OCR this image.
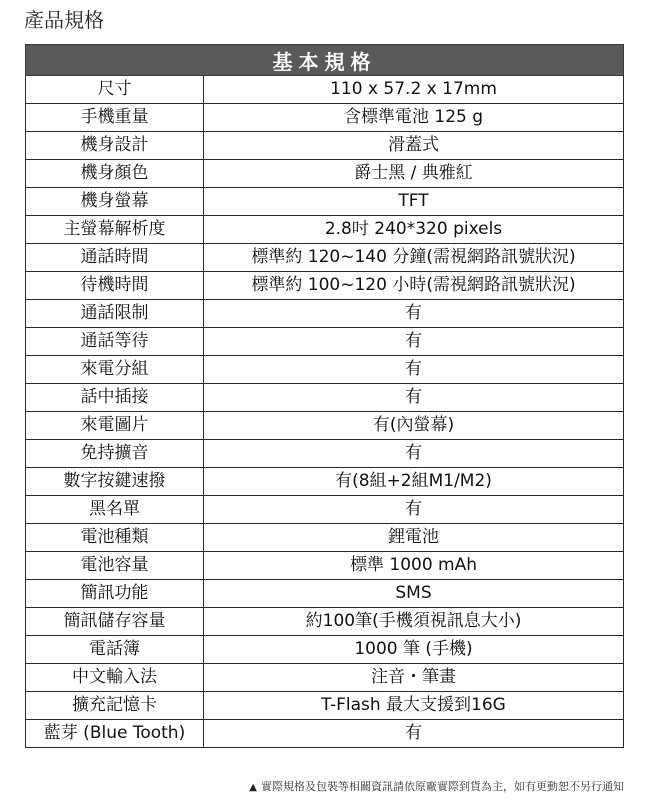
產品規格
基本規格	
尺寸	110 x 57.2 x 17mm
手機重量	含標準電池 125 g
機身設計	滑蓋式
機身顏色	爵士黑 / 典雅紅
機身螢幕	TFT
主螢幕解析度	2.8吋 240*320 pixels
通話時間	標準約 120~140 分鐘(需視網路訊號狀況)
待機時間	標準約 100~120 小時(需視網路訊號狀況)
通話限制	有
通話等待	有
來電分組	有
話中插接	有
來電圖片	有(內螢幕)
免持擴音	有
數字按鍵速撥	有(8組+2組M1/M2)
黑名單	有
電池種類	鋰電池
電池容量	標準 1000 mAh
簡訊功能	SMS
簡訊儲存容量	約100筆(手機須視訊息大小)
電話簿	1000 筆 (手機)
中文輸入法	注音・筆畫
擴充記憶卡	T-Flash 最大支援到16G
藍芽 (Blue Tooth)	有
▲ 實際規格及包裝等相關資訊請依原廠實際到貨為主，如有更動恕不另行通知
